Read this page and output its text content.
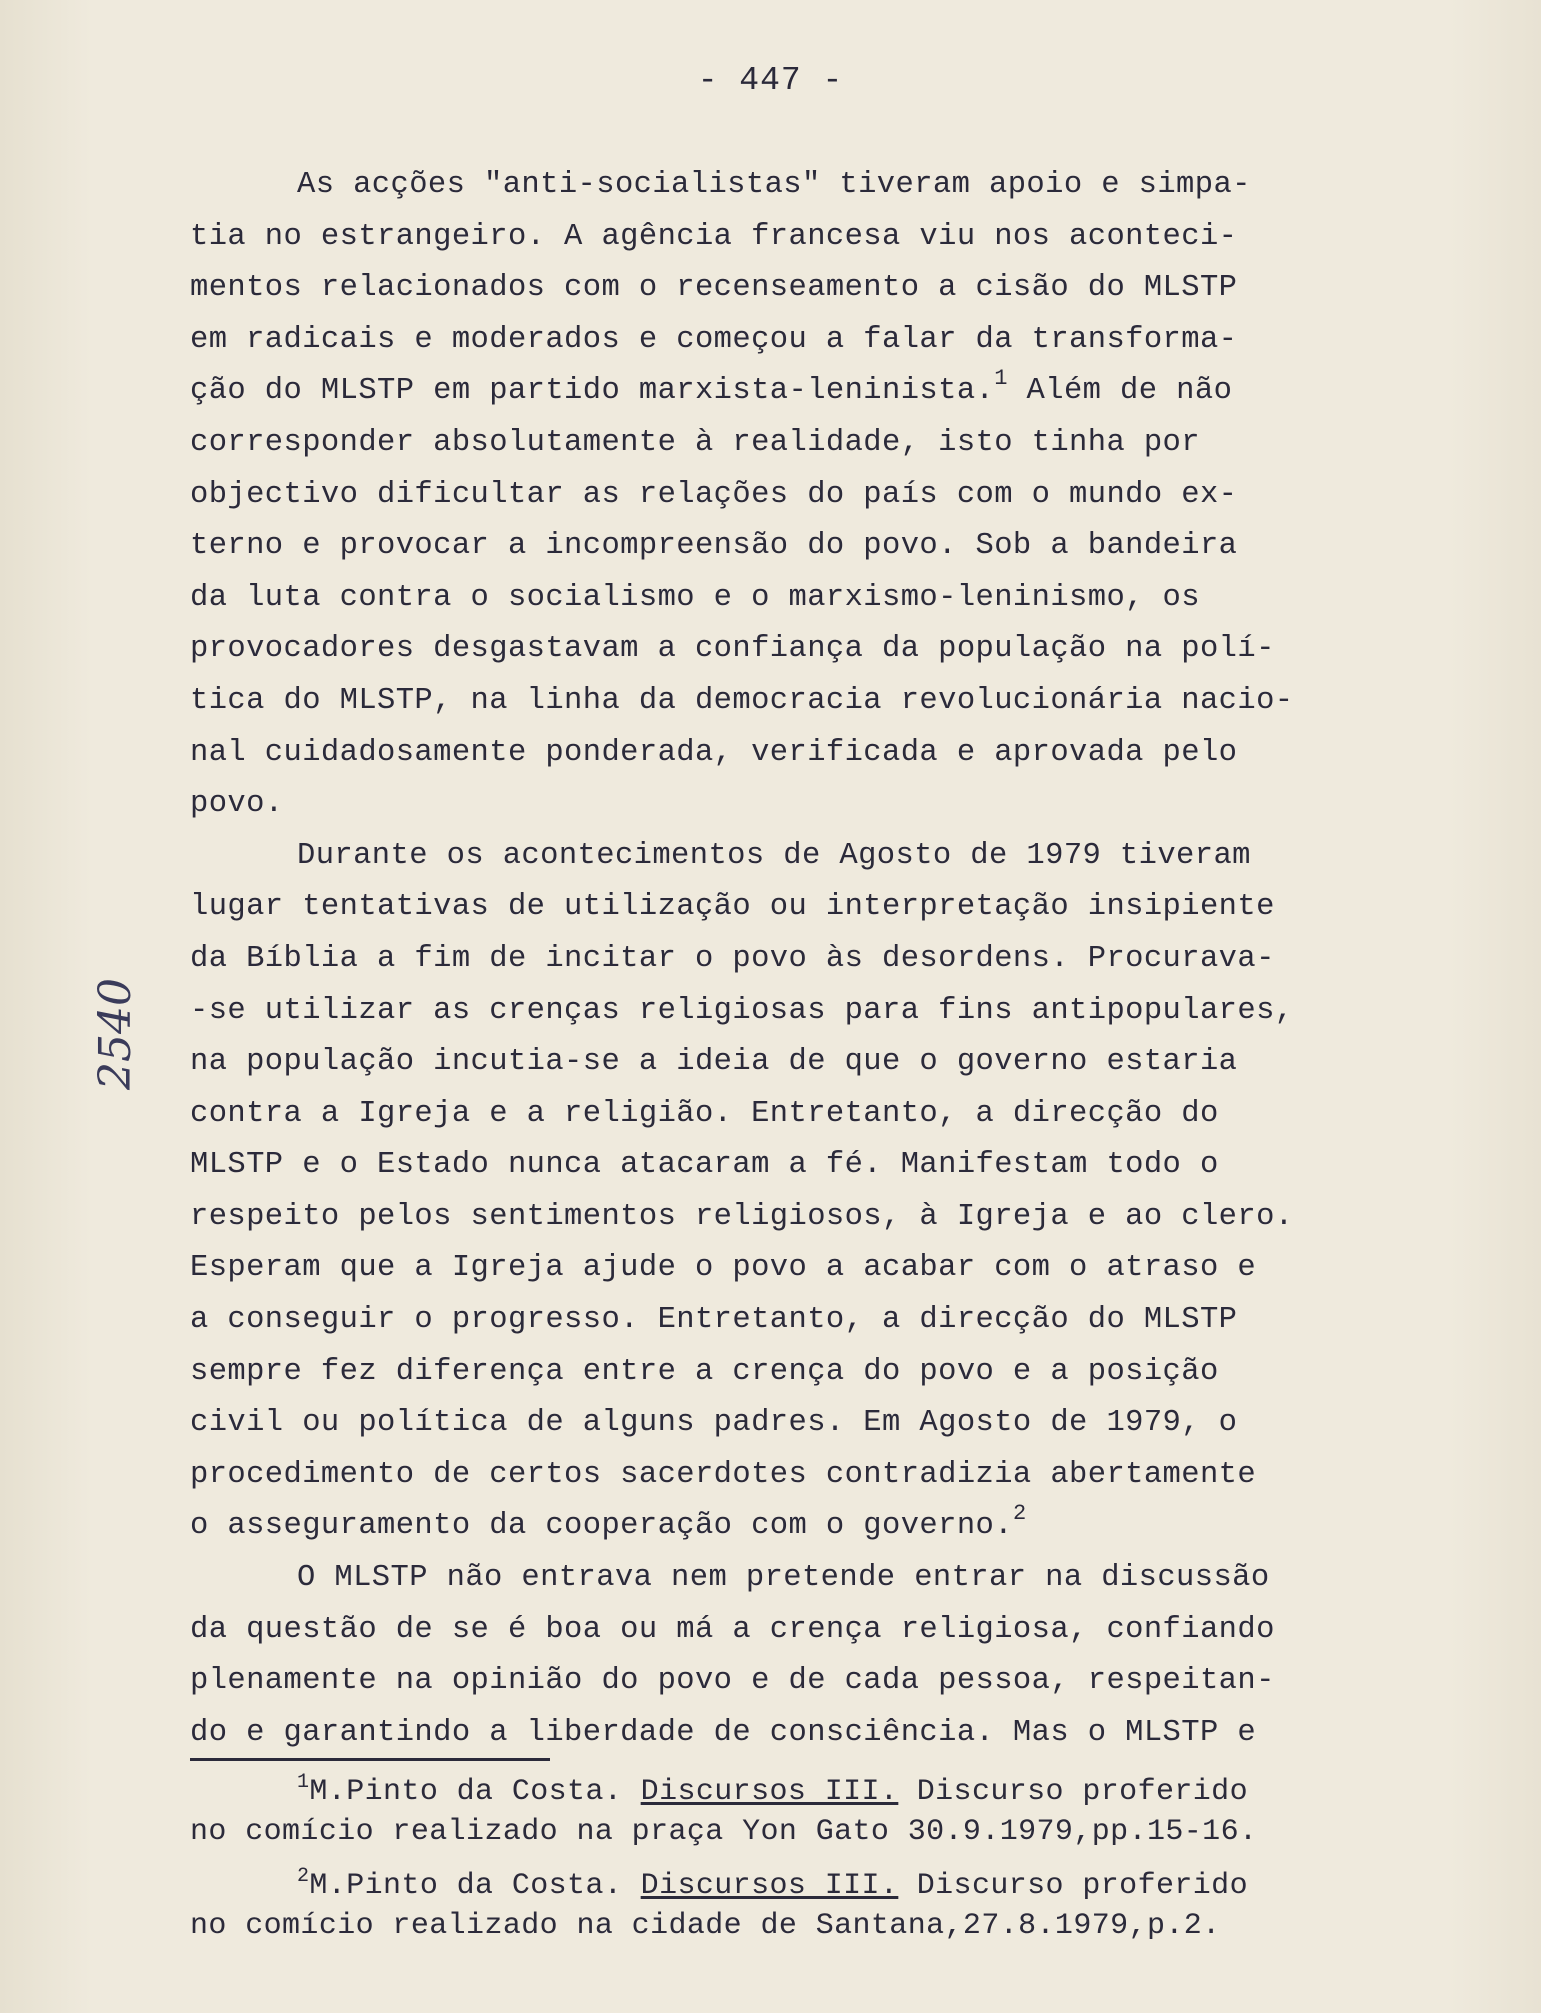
- 447 -
2540
As acções "anti-socialistas" tiveram apoio e simpa-
tia no estrangeiro. A agência francesa viu nos aconteci-
mentos relacionados com o recenseamento a cisão do MLSTP
em radicais e moderados e começou a falar da transforma-
ção do MLSTP em partido marxista-leninista.$^1$ Além de não
corresponder absolutamente à realidade, isto tinha por
objectivo dificultar as relações do país com o mundo ex-
terno e provocar a incompreensão do povo. Sob a bandeira
da luta contra o socialismo e o marxismo-leninismo, os
provocadores desgastavam a confiança da população na polí-
tica do MLSTP, na linha da democracia revolucionária nacio-
nal cuidadosamente ponderada, verificada e aprovada pelo
povo.
Durante os acontecimentos de Agosto de 1979 tiveram
lugar tentativas de utilização ou interpretação insipiente
da Bíblia a fim de incitar o povo às desordens. Procurava-
-se utilizar as crenças religiosas para fins antipopulares,
na população incutia-se a ideia de que o governo estaria
contra a Igreja e a religião. Entretanto, a direcção do
MLSTP e o Estado nunca atacaram a fé. Manifestam todo o
respeito pelos sentimentos religiosos, à Igreja e ao clero.
Esperam que a Igreja ajude o povo a acabar com o atraso e
a conseguir o progresso. Entretanto, a direcção do MLSTP
sempre fez diferença entre a crença do povo e a posição
civil ou política de alguns padres. Em Agosto de 1979, o
procedimento de certos sacerdotes contradizia abertamente
o asseguramento da cooperação com o governo.$^2$
O MLSTP não entrava nem pretende entrar na discussão
da questão de se é boa ou má a crença religiosa, confiando
plenamente na opinião do povo e de cada pessoa, respeitan-
do e garantindo a liberdade de consciência. Mas o MLSTP e
$^1$M.Pinto da Costa. Discursos III. Discurso proferido
no comício realizado na praça Yon Gato 30.9.1979,pp.15-16.
$^2$M.Pinto da Costa. Discursos III. Discurso proferido
no comício realizado na cidade de Santana,27.8.1979,p.2.
